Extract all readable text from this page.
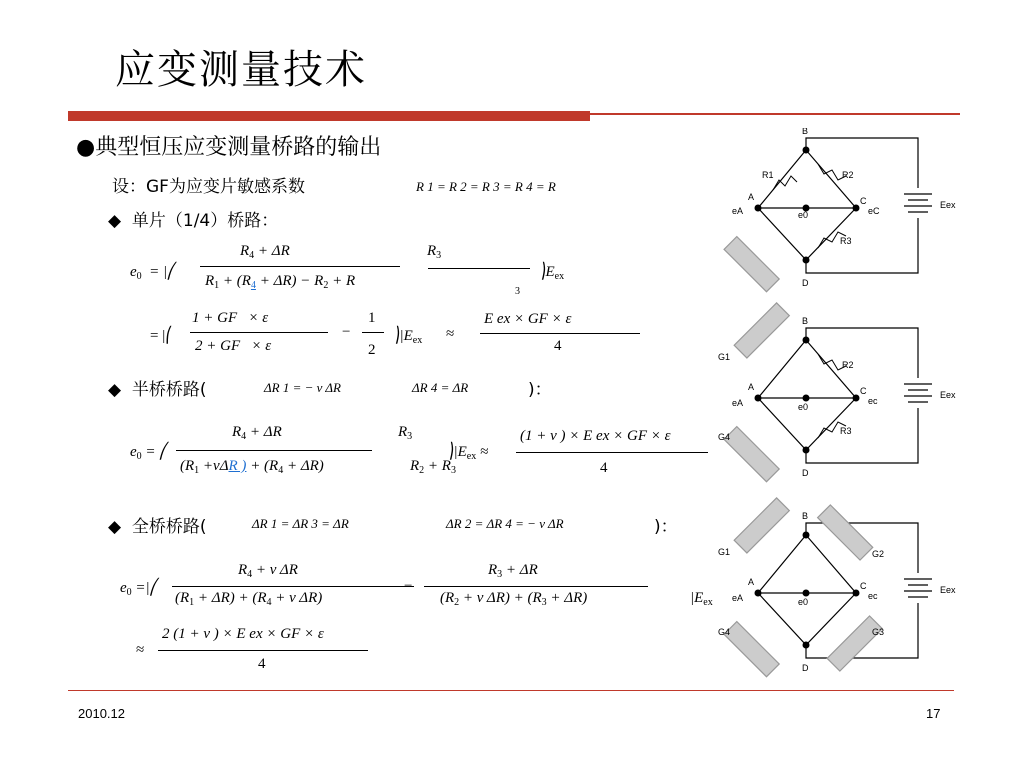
应变测量技术
●典型恒压应变测量桥路的输出
设：GF为应变片敏感系数	R 1 = R 2 = R 3 = R 4 = R
◆ 单片（1/4）桥路：
$e_0$  = |⎛
$R_4 + \Delta R$
$R_1 + (R_4 + \Delta R) - R_2 + R$
$R_3$
3
$⎞E_{ex}$
= |⎛
1 + GF   × ε
2 + GF   × ε
−
1
2
$⎞|E_{ex}$ ≈
E ex × GF × ε
4
◆ 半桥桥路(	ΔR 1 = − ν ΔR	ΔR 4 = ΔR	)：
$e_0$ = ⎛
$R_4 + \Delta R$
($R_1 +\nu\Delta R$ ) + $(R_4 + \Delta R)$
$R_3$
$R_2 + R_3$
$⎞|E_{ex}$ ≈
(1 + ν ) × E ex × GF × ε
4
◆ 全桥桥路(	ΔR 1 = ΔR 3 = ΔR	ΔR 2 = ΔR 4 = − ν ΔR	)：
$e_0$ =|⎛
$R_4 + \nu$ ΔR
$(R_1 + \Delta R) + (R_4 + \nu$ ΔR)
−
$R_3 + \Delta R$
($R_2 + \nu$ $\Delta R) + (R_3 + \Delta R)$	$|E_{ex}$
≈
2 (1 + ν ) × E ex × GF × ε
4
B
R1	R2
A	C
D
R3
eA	e0	eC
Eex
B
G1
R2
A	C
D
R3
G4
eA	e0
ec
Eex
B
G1	G2
A	C
D
G4	G3
eA	e0
ec
Eex
2010.12	17
